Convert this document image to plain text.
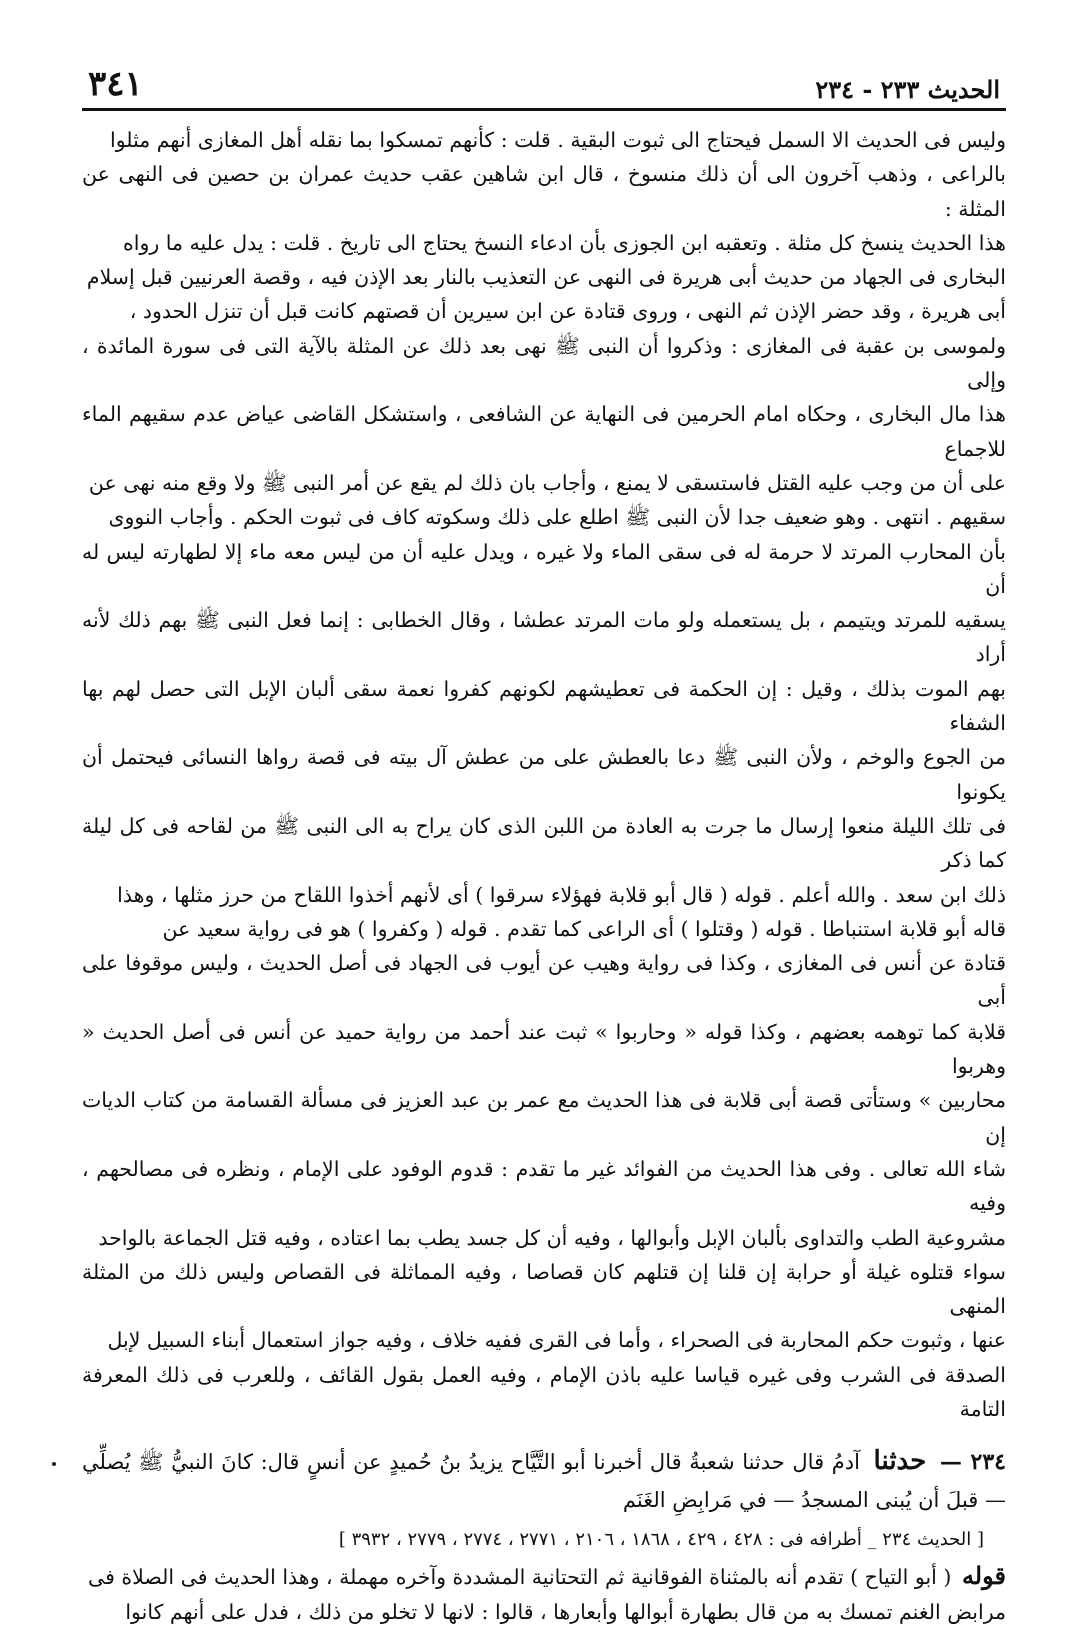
الحديث ٢٣٣ - ٢٣٤
٣٤١

وليس فى الحديث الا السمل فيحتاج الى ثبوت البقية . قلت : كأنهم تمسكوا بما نقله أهل المغازى أنهم مثلوا

بالراعى ، وذهب آخرون الى أن ذلك منسوخ ، قال ابن شاهين عقب حديث عمران بن حصين فى النهى عن المثلة :

هذا الحديث ينسخ كل مثلة . وتعقبه ابن الجوزى بأن ادعاء النسخ يحتاج الى تاريخ . قلت : يدل عليه ما رواه

البخارى فى الجهاد من حديث أبى هريرة فى النهى عن التعذيب بالنار بعد الإذن فيه ، وقصة العرنيين قبل إسلام

أبى هريرة ، وقد حضر الإذن ثم النهى ، وروى قتادة عن ابن سيرين أن قصتهم كانت قبل أن تنزل الحدود ،

ولموسى بن عقبة فى المغازى : وذكروا أن النبى ﷺ نهى بعد ذلك عن المثلة بالآية التى فى سورة المائدة ، وإلى

هذا مال البخارى ، وحكاه امام الحرمين فى النهاية عن الشافعى ، واستشكل القاضى عياض عدم سقيهم الماء للاجماع

على أن من وجب عليه القتل فاستسقى لا يمنع ، وأجاب بان ذلك لم يقع عن أمر النبى ﷺ ولا وقع منه نهى عن

سقيهم . انتهى . وهو ضعيف جدا لأن النبى ﷺ اطلع على ذلك وسكوته كاف فى ثبوت الحكم . وأجاب النووى

بأن المحارب المرتد لا حرمة له فى سقى الماء ولا غيره ، ويدل عليه أن من ليس معه ماء إلا لطهارته ليس له أن

يسقيه للمرتد ويتيمم ، بل يستعمله ولو مات المرتد عطشا ، وقال الخطابى : إنما فعل النبى ﷺ بهم ذلك لأنه أراد

بهم الموت بذلك ، وقيل : إن الحكمة فى تعطيشهم لكونهم كفروا نعمة سقى ألبان الإبل التى حصل لهم بها الشفاء

من الجوع والوخم ، ولأن النبى ﷺ دعا بالعطش على من عطش آل بيته فى قصة رواها النسائى فيحتمل أن يكونوا

فى تلك الليلة منعوا إرسال ما جرت به العادة من اللبن الذى كان يراح به الى النبى ﷺ من لقاحه فى كل ليلة كما ذكر

ذلك ابن سعد . والله أعلم . قوله ( قال أبو قلابة فهؤلاء سرقوا ) أى لأنهم أخذوا اللقاح من حرز مثلها ، وهذا

قاله أبو قلابة استنباطا . قوله ( وقتلوا ) أى الراعى كما تقدم . قوله ( وكفروا ) هو فى رواية سعيد عن

قتادة عن أنس فى المغازى ، وكذا فى رواية وهيب عن أيوب فى الجهاد فى أصل الحديث ، وليس موقوفا على أبى

قلابة كما توهمه بعضهم ، وكذا قوله « وحاربوا » ثبت عند أحمد من رواية حميد عن أنس فى أصل الحديث « وهربوا

محاربين » وستأتى قصة أبى قلابة فى هذا الحديث مع عمر بن عبد العزيز فى مسألة القسامة من كتاب الديات إن

شاء الله تعالى . وفى هذا الحديث من الفوائد غير ما تقدم : قدوم الوفود على الإمام ، ونظره فى مصالحهم ، وفيه

مشروعية الطب والتداوى بألبان الإبل وأبوالها ، وفيه أن كل جسد يطب بما اعتاده ، وفيه قتل الجماعة بالواحد

سواء قتلوه غيلة أو حرابة إن قلنا إن قتلهم كان قصاصا ، وفيه المماثلة فى القصاص وليس ذلك من المثلة المنهى

عنها ، وثبوت حكم المحاربة فى الصحراء ، وأما فى القرى ففيه خلاف ، وفيه جواز استعمال أبناء السبيل لإبل

الصدقة فى الشرب وفى غيره قياسا عليه باذن الإمام ، وفيه العمل بقول القائف ، وللعرب فى ذلك المعرفة التامة

٢٣٤ — حدثنا آدمُ قال حدثنا شعبةُ قال أخبرنا أبو التَّيَّاح يزيدُ بنُ حُميدٍ عن أنسٍ قال: كانَ النبيُّ ﷺ يُصلِّي — قبلَ أن يُبنى المسجدُ — في مَرابِضِ الغَنَم

[ الحديث ٢٣٤ _ أطرافه فى : ٤٢٨ ، ٤٢٩ ، ١٨٦٨ ، ٢١٠٦ ، ٢٧٧١ ، ٢٧٧٤ ، ٢٧٧٩ ، ٣٩٣٢ ]

قوله ( أبو التياح ) تقدم أنه بالمثناة الفوقانية ثم التحتانية المشددة وآخره مهملة ، وهذا الحديث فى الصلاة فى

مرابض الغنم تمسك به من قال بطهارة أبوالها وأبعارها ، قالوا : لانها لا تخلو من ذلك ، فدل على أنهم كانوا
